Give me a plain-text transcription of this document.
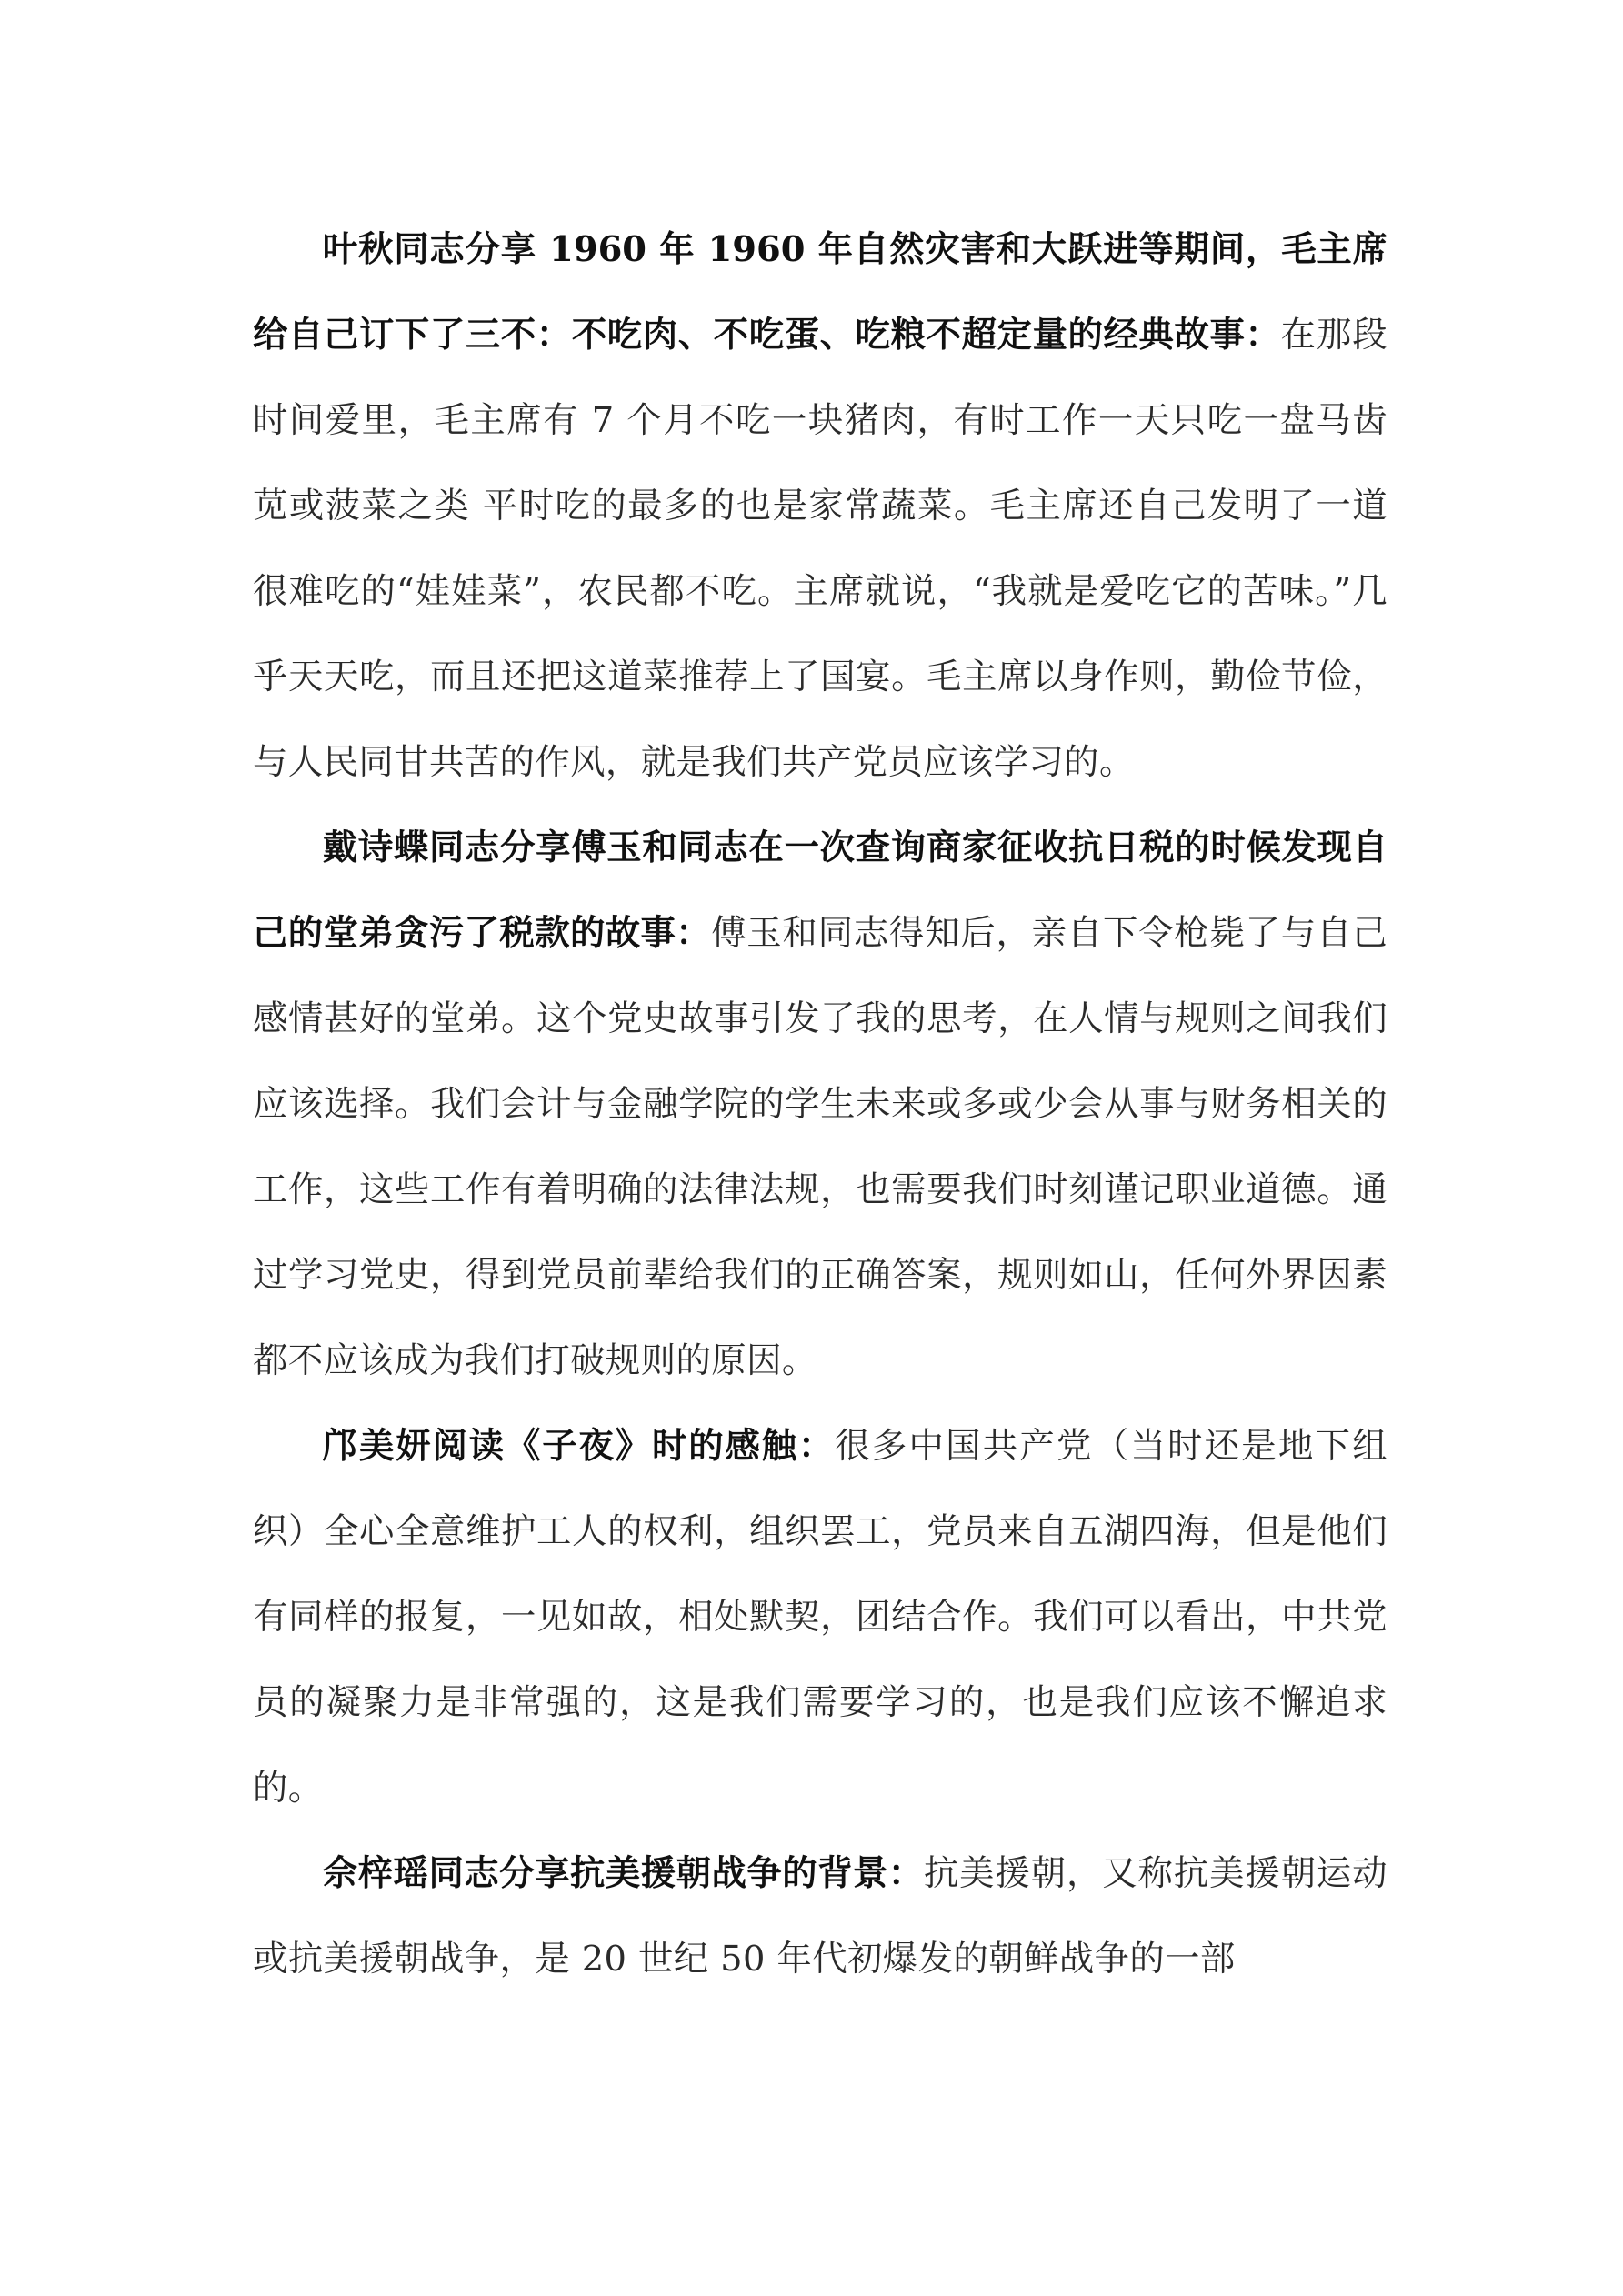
叶秋同志分享 1960 年 1960 年自然灾害和大跃进等期间，毛主席给自己订下了三不：不吃肉、不吃蛋、吃粮不超定量的经典故事：在那段时间爱里，毛主席有 7 个月不吃一块猪肉，有时工作一天只吃一盘马齿苋或菠菜之类 平时吃的最多的也是家常蔬菜。毛主席还自己发明了一道很难吃的“娃娃菜”，农民都不吃。主席就说，“我就是爱吃它的苦味。”几乎天天吃，而且还把这道菜推荐上了国宴。毛主席以身作则，勤俭节俭，与人民同甘共苦的作风，就是我们共产党员应该学习的。

戴诗蝶同志分享傅玉和同志在一次查询商家征收抗日税的时候发现自己的堂弟贪污了税款的故事：傅玉和同志得知后，亲自下令枪毙了与自己感情甚好的堂弟。这个党史故事引发了我的思考，在人情与规则之间我们应该选择。我们会计与金融学院的学生未来或多或少会从事与财务相关的工作，这些工作有着明确的法律法规，也需要我们时刻谨记职业道德。通过学习党史，得到党员前辈给我们的正确答案，规则如山，任何外界因素都不应该成为我们打破规则的原因。

邝美妍阅读《子夜》时的感触：很多中国共产党（当时还是地下组织）全心全意维护工人的权利，组织罢工，党员来自五湖四海，但是他们有同样的报复，一见如故，相处默契，团结合作。我们可以看出，中共党员的凝聚力是非常强的，这是我们需要学习的，也是我们应该不懈追求的。

佘梓瑶同志分享抗美援朝战争的背景：抗美援朝，又称抗美援朝运动或抗美援朝战争，是 20 世纪 50 年代初爆发的朝鲜战争的一部
